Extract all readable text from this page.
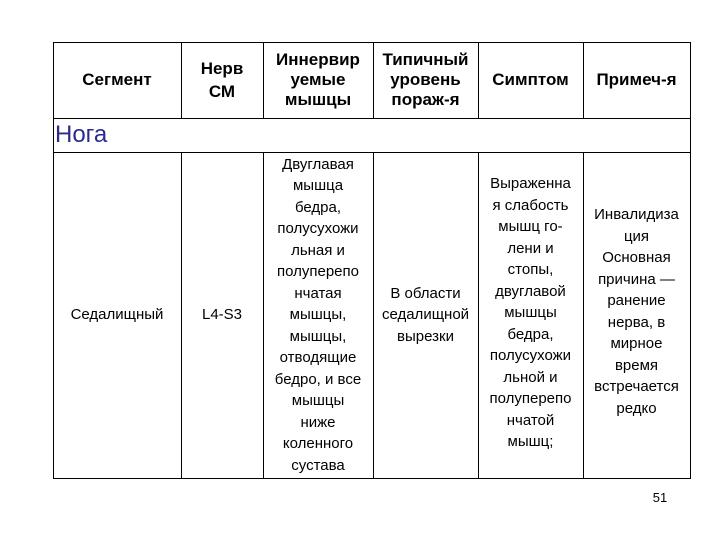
Сегмент
Нерв
СМ
Иннервир
уемые
мышцы
Типичный
уровень
пораж-я
Симптом Примеч-я
Нога
Седалищный	L4-S3
Двуглавая
мышца
бедра,
полусухожи
льная и
полуперепо
нчатая
мышцы,
мышцы,
отводящие
бедро, и все
мышцы
ниже
коленного
сустава
В области
седалищной
вырезки
Выраженна
я слабость
мышц го-
лени и
стопы,
двуглавой
мышцы
бедра,
полусухожи
льной и
полуперепо
нчатой
мышц;
Инвалидиза
ция
Основная
причина —
ранение
нерва, в
мирное
время
встречается
редко
51
